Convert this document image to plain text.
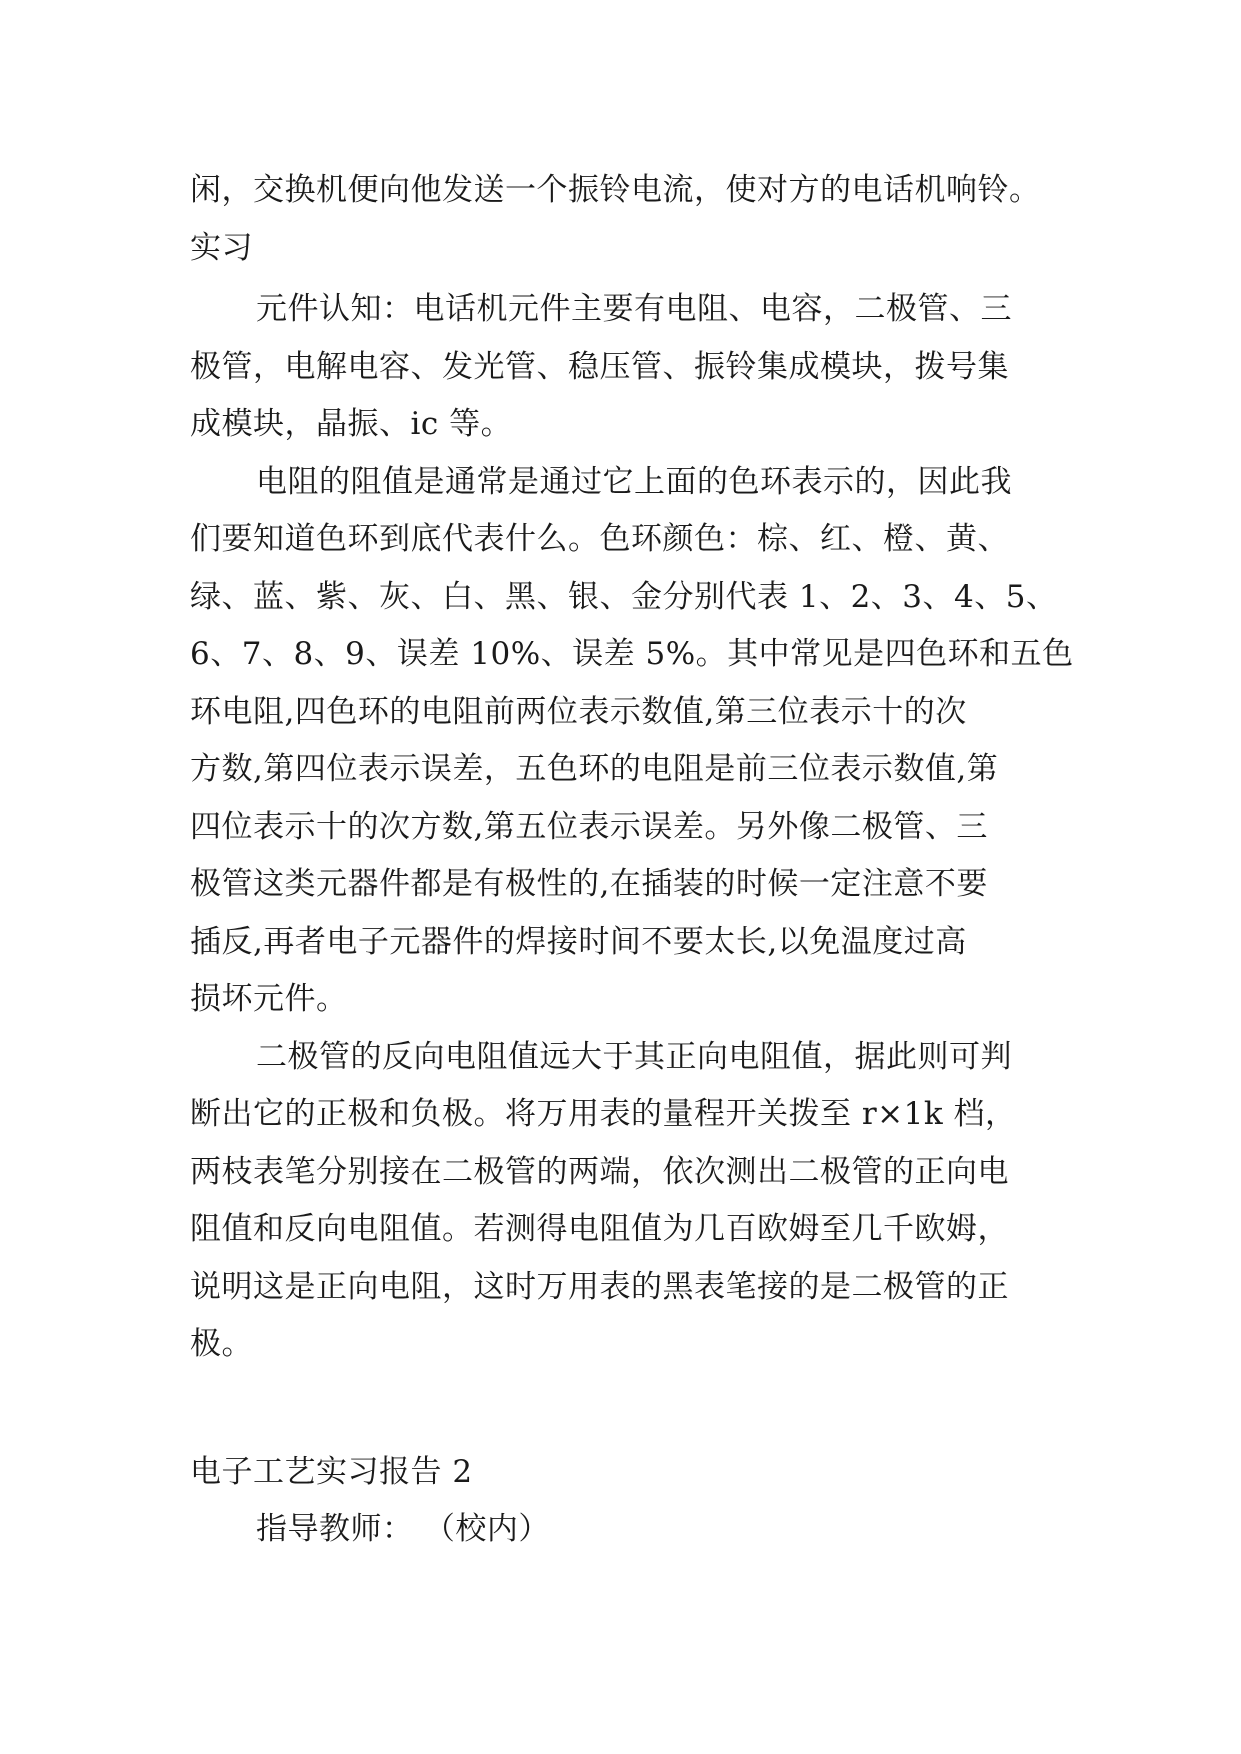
闲，交换机便向他发送一个振铃电流，使对方的电话机响铃。
实习
元件认知：电话机元件主要有电阻、电容，二极管、三
极管，电解电容、发光管、稳压管、振铃集成模块，拨号集
成模块，晶振、ic 等。
电阻的阻值是通常是通过它上面的色环表示的，因此我
们要知道色环到底代表什么。色环颜色：棕、红、橙、黄、
绿、蓝、紫、灰、白、黑、银、金分别代表 1、2、3、4、5、
6、7、8、9、误差 10%、误差 5%。其中常见是四色环和五色
环电阻,四色环的电阻前两位表示数值,第三位表示十的次
方数,第四位表示误差，五色环的电阻是前三位表示数值,第
四位表示十的次方数,第五位表示误差。另外像二极管、三
极管这类元器件都是有极性的,在插装的时候一定注意不要
插反,再者电子元器件的焊接时间不要太长,以免温度过高
损坏元件。
二极管的反向电阻值远大于其正向电阻值，据此则可判
断出它的正极和负极。将万用表的量程开关拨至 r×1k 档，
两枝表笔分别接在二极管的两端，依次测出二极管的正向电
阻值和反向电阻值。若测得电阻值为几百欧姆至几千欧姆，
说明这是正向电阻，这时万用表的黑表笔接的是二极管的正
极。
电子工艺实习报告 2
指导教师： （校内）
